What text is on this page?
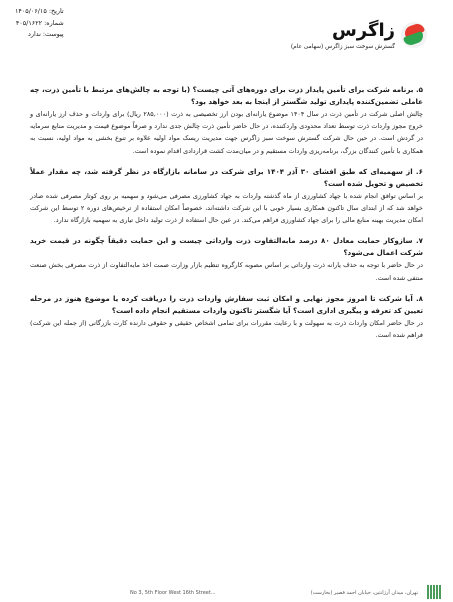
تاریخ: ۱۴۰۵/۰۶/۱۵
شماره: ۴۰۵/۱۶۲۲
پیوست: ندارد	زاگرس
گسترش سوخت سبز زاگرس (سهامی عام)

۵. برنامه شرکت برای تأمین پایدار ذرت برای دوره‌های آتی چیست؟ (با توجه به چالش‌های مرتبط با تأمین ذرت، چه عاملی تضمین‌کننده پایداری تولید شگستر از اینجا به بعد خواهد بود؟

چالش اصلی شرکت در تأمین ذرت در سال ۱۴۰۴ موضوع یارانه‌ای بودن ارز تخصیصی به ذرت (۲۸۵,۰۰۰ ریال) برای واردات و حذف ارز یارانه‌ای و خروج مجوز واردات ذرت توسط تعداد محدودی واردکننده، در حال حاضر تأمین ذرت چالش جدی ندارد و صرفاً موضوع قیمت و مدیریت منابع سرمایه در گردش است. در حین حال شرکت گسترش سوخت سبز زاگرس جهت مدیریت ریسک مواد اولیه علاوه بر تنوع بخشی به مواد اولیه، نسبت به همکاری با تأمین کنندگان بزرگ، برنامه‌ریزی واردات مستقیم و در میان‌مدت کشت قراردادی اقدام نموده است.

۶. از سهمیه‌ای که طبق افشای ۳۰ آذر ۱۴۰۴ برای شرکت در سامانه بازارگاه در نظر گرفته شد، چه مقدار عملاً تخصیص و تحویل شده است؟

بر اساس توافق انجام شده با جهاد کشاورزی از ماه گذشته واردات به جهاد کشاورزی مصرفی می‌شود و سهمیه بر روی کوتاز مصرفی شده صادر خواهد شد که از ابتدای سال تاکنون همکاری بسیار خوبی با این شرکت داشته‌اند، خصوصاً امکان استفاده از ترخیص‌های دوره ۲ توسط این شرکت امکان مدیریت بهینه منابع مالی را برای جهاد کشاورزی فراهم می‌کند. در عین حال استفاده از ذرت تولید داخل تیاری به سهمیه بازارگاه ندارد.

۷. سازوکار حمایت معادل ۸۰ درصد مابه‌التفاوت ذرت وارداتی چیست و این حمایت دقیقاً چگونه در قیمت خرید شرکت اعمال می‌شود؟

در حال حاضر با توجه به حذف یارانه ذرت وارداتی بر اساس مصوبه کارگروه تنظیم بازار وزارت صمت اخذ مابه‌التفاوت از ذرت مصرفی بخش صنعت منتفی شده است.

۸. آیا شرکت تا امروز مجوز نهایی و امکان ثبت سفارش واردات ذرت را دریافت کرده یا موضوع هنوز در مرحله تعیین کد تعرفه و پیگیری اداری است؟ آیا شگستر تاکنون واردات مستقیم انجام داده است؟

در حال حاضر امکان واردات ذرت به سهولت و با رعایت مقررات برای تمامی اشخاص حقیقی و حقوقی دارنده کارت بازرگانی (از جمله این شرکت) فراهم شده است.

No 3, 5th Floor West 16th Street...	تهران، میدان آرژانتین، خیابان احمد قصیر (بخارست)
